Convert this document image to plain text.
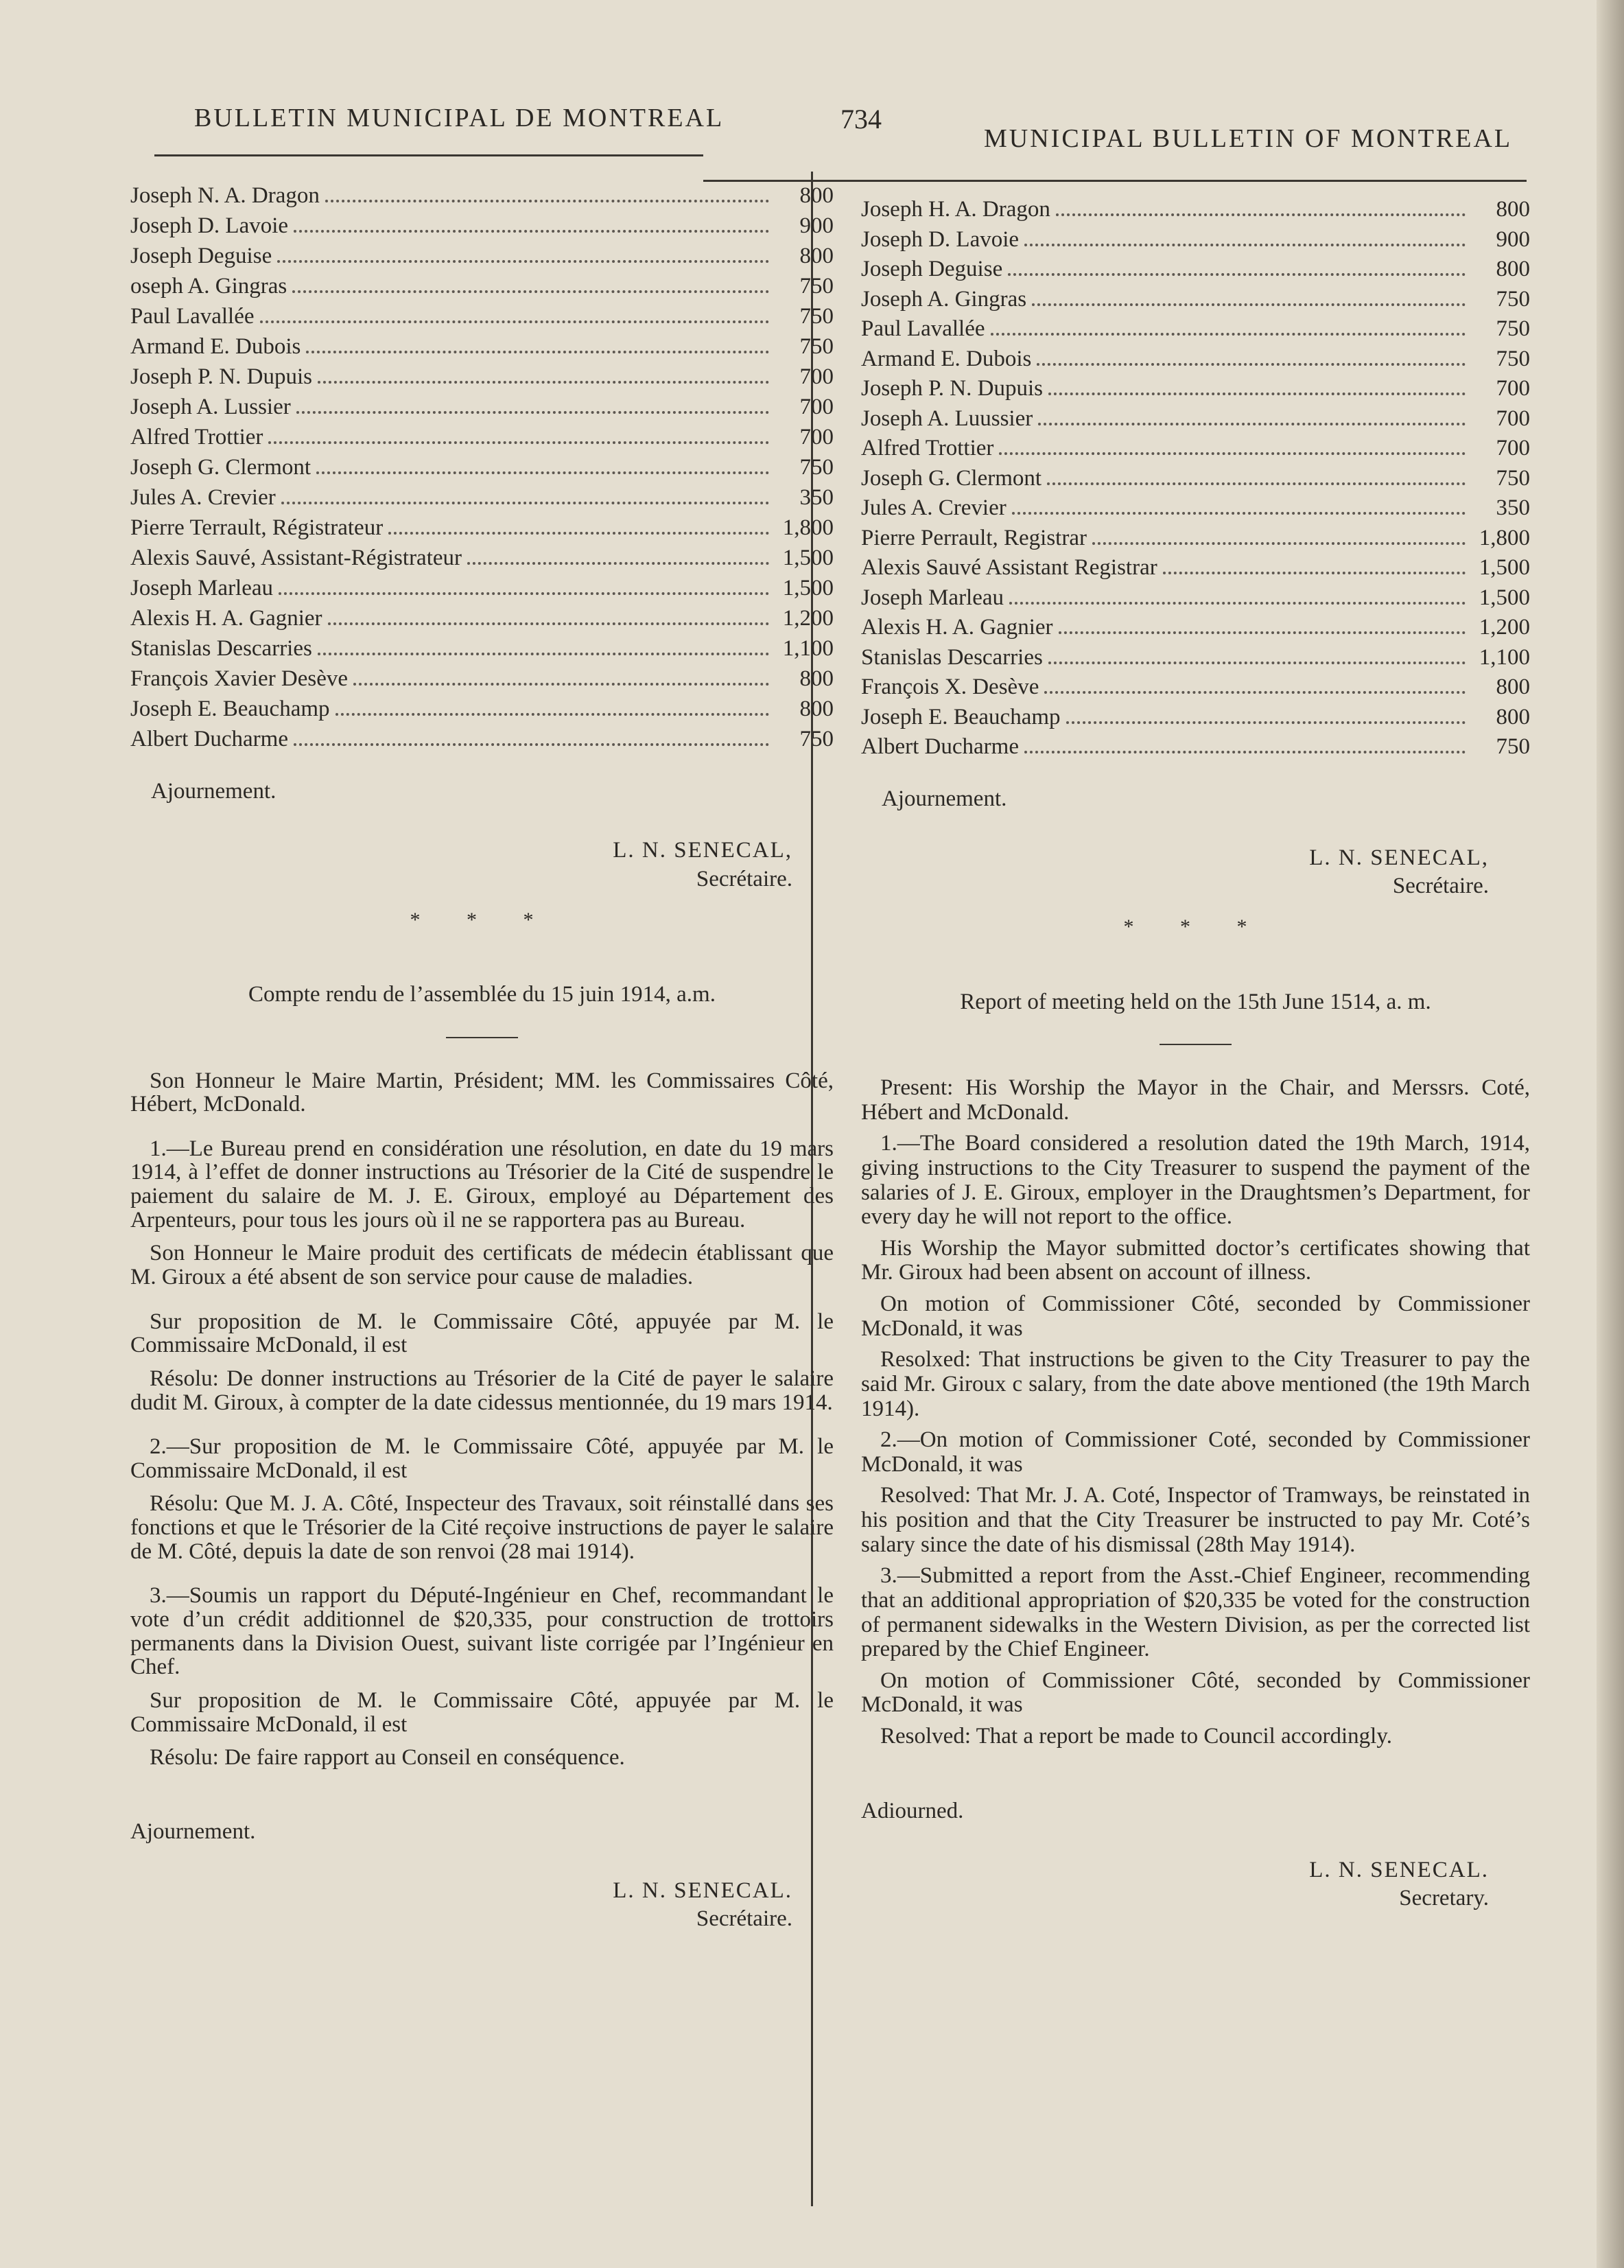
BULLETIN MUNICIPAL DE MONTREAL	734
MUNICIPAL BULLETIN OF MONTREAL
Joseph N. A. Dragon	800
Joseph D. Lavoie	900
Joseph Deguise	800
oseph A. Gingras	750
Paul Lavallée	750
Armand E. Dubois	750
Joseph P. N. Dupuis	700
Joseph A. Lussier	700
Alfred Trottier	700
Joseph G. Clermont	750
Jules A. Crevier	350
Pierre Terrault, Régistrateur	1,800
Alexis Sauvé, Assistant-Régistrateur	1,500
Joseph Marleau	1,500
Alexis H. A. Gagnier	1,200
Stanislas Descarries	1,100
François Xavier Desève	800
Joseph E. Beauchamp	800
Albert Ducharme	750
Ajournement.
L. N. SENECAL,
Secrétaire.
* * *
Compte rendu de l’assemblée du 15 juin 1914, a.m.

Son Honneur le Maire Martin, Président; MM. les Commissaires Côté, Hébert, McDonald.

1.—Le Bureau prend en considération une résolution, en date du 19 mars 1914, à l’effet de donner instructions au Trésorier de la Cité de suspendre le paiement du salaire de M. J. E. Giroux, employé au Département des Arpenteurs, pour tous les jours où il ne se rapportera pas au Bureau.

Son Honneur le Maire produit des certificats de médecin établissant que M. Giroux a été absent de son service pour cause de maladies.

Sur proposition de M. le Commissaire Côté, appuyée par M. le Commissaire McDonald, il est

Résolu: De donner instructions au Trésorier de la Cité de payer le salaire dudit M. Giroux, à compter de la date cidessus mentionnée, du 19 mars 1914.

2.—Sur proposition de M. le Commissaire Côté, appuyée par M. le Commissaire McDonald, il est

Résolu: Que M. J. A. Côté, Inspecteur des Travaux, soit réinstallé dans ses fonctions et que le Trésorier de la Cité reçoive instructions de payer le salaire de M. Côté, depuis la date de son renvoi (28 mai 1914).

3.—Soumis un rapport du Député-Ingénieur en Chef, recommandant le vote d’un crédit additionnel de $20,335, pour construction de trottoirs permanents dans la Division Ouest, suivant liste corrigée par l’Ingénieur en Chef.

Sur proposition de M. le Commissaire Côté, appuyée par M. le Commissaire McDonald, il est

Résolu: De faire rapport au Conseil en conséquence.

Ajournement.
L. N. SENECAL.
Secrétaire.
Joseph H. A. Dragon	800
Joseph D. Lavoie	900
Joseph Deguise	800
Joseph A. Gingras	750
Paul Lavallée	750
Armand E. Dubois	750
Joseph P. N. Dupuis	700
Joseph A. Luussier	700
Alfred Trottier	700
Joseph G. Clermont	750
Jules A. Crevier	350
Pierre Perrault, Registrar	1,800
Alexis Sauvé Assistant Registrar	1,500
Joseph Marleau	1,500
Alexis H. A. Gagnier	1,200
Stanislas Descarries	1,100
François X. Desève	800
Joseph E. Beauchamp	800
Albert Ducharme	750
Ajournement.
L. N. SENECAL,
Secrétaire.
* * *
Report of meeting held on the 15th June 1514, a. m.

Present: His Worship the Mayor in the Chair, and Merssrs. Coté, Hébert and McDonald.

1.—The Board considered a resolution dated the 19th March, 1914, giving instructions to the City Treasurer to suspend the payment of the salaries of J. E. Giroux, employer in the Draughtsmen’s Department, for every day he will not report to the office.

His Worship the Mayor submitted doctor’s certificates showing that Mr. Giroux had been absent on account of illness.

On motion of Commissioner Côté, seconded by Commissioner McDonald, it was

Resolxed: That instructions be given to the City Treasurer to pay the said Mr. Giroux c salary, from the date above mentioned (the 19th March 1914).

2.—On motion of Commissioner Coté, seconded by Commissioner McDonald, it was

Resolved: That Mr. J. A. Coté, Inspector of Tramways, be reinstated in his position and that the City Treasurer be instructed to pay Mr. Coté’s salary since the date of his dismissal (28th May 1914).

3.—Submitted a report from the Asst.-Chief Engineer, recommending that an additional appropriation of $20,335 be voted for the construction of permanent sidewalks in the Western Division, as per the corrected list prepared by the Chief Engineer.

On motion of Commissioner Côté, seconded by Commissioner McDonald, it was

Resolved: That a report be made to Council accordingly.

Adiourned.
L. N. SENECAL.
Secretary.
